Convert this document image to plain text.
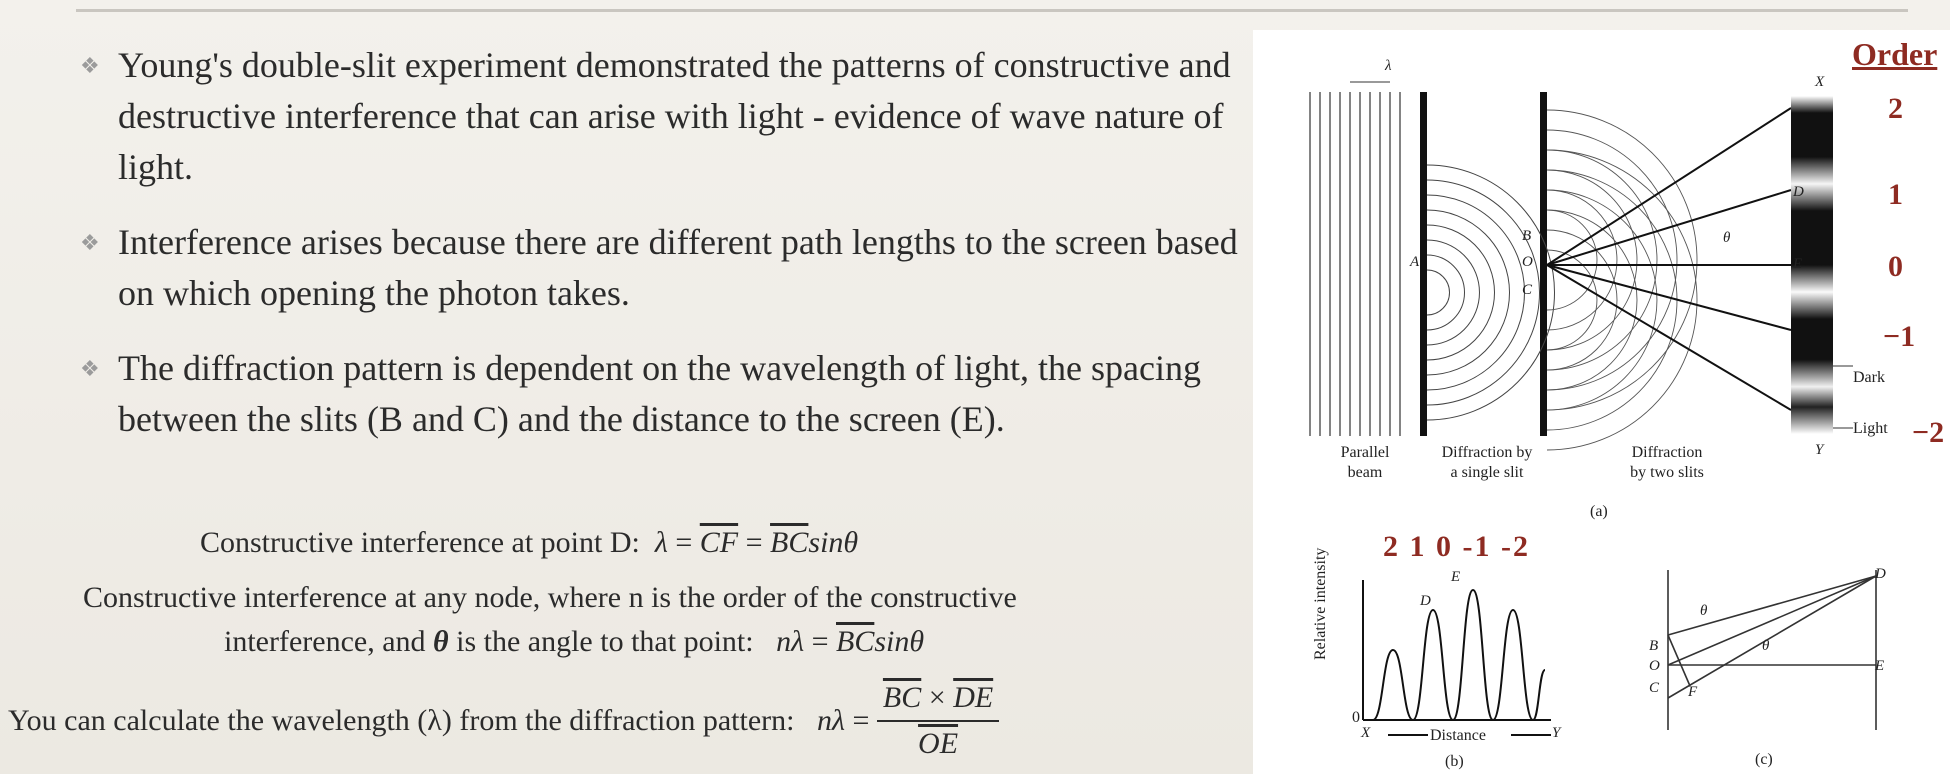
❖ Young's double-slit experiment demonstrated the patterns of constructive and destructive interference that can arise with light - evidence of wave nature of light.
❖ Interference arises because there are different path lengths to the screen based on which opening the photon takes.
❖ The diffraction pattern is dependent on the wavelength of light, the spacing between the slits (B and C) and the distance to the screen (E).
Constructive interference at point D: $\lambda = \overline{CF} = \overline{BC}\sin\theta$
Constructive interference at any node, where n is the order of the constructive
interference, and θ is the angle to that point: $n\lambda = \overline{BC}\sin\theta$
You can calculate the wavelength (λ) from the diffraction pattern: $n\lambda = \frac{\overline{BC} \times \overline{DE}}{OE}$
λ
X
A
B
O
C
D
E
θ
Y
Dark
Light
Parallel
beam
Diffraction by
a single slit
Diffraction
by two slits
(a)
(b)	(c)
Relative intensity
0
Distance
X	Y
D
E
B
O
C F
D
E
θ
θ
Order
2
1
0
−1
−2
2 1 0 -1 -2
